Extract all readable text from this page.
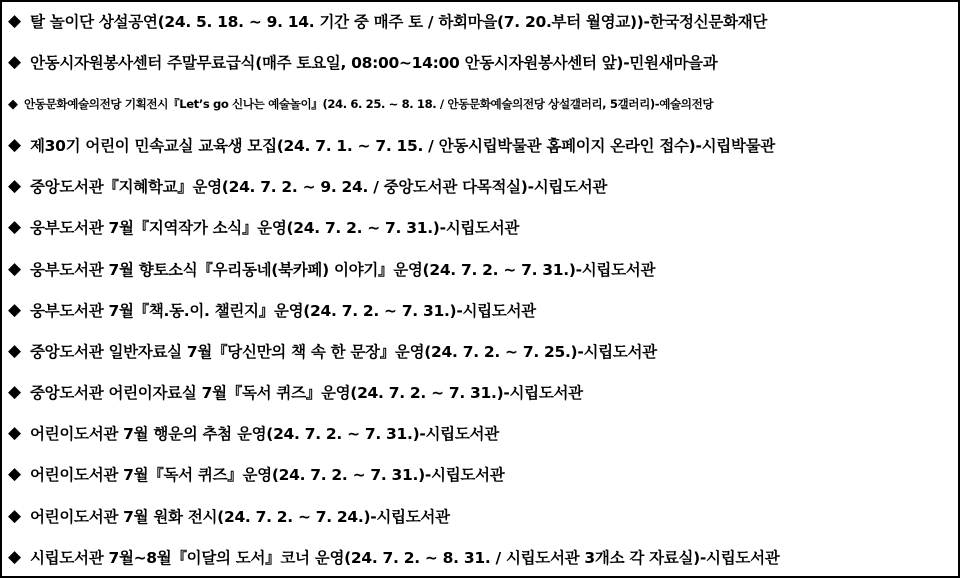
◆ 탈 놀이단 상설공연(24. 5. 18. ~ 9. 14. 기간 중 매주 토 / 하회마을(7. 20.부터 월영교))-한국정신문화재단
◆ 안동시자원봉사센터 주말무료급식(매주 토요일, 08:00~14:00 안동시자원봉사센터 앞)-민원새마을과
◆ 안동문화예술의전당 기획전시『Let’s go 신나는 예술놀이』(24. 6. 25. ~ 8. 18. / 안동문화예술의전당 상설갤러리, 5갤러리)-예술의전당
◆ 제30기 어린이 민속교실 교육생 모집(24. 7. 1. ~ 7. 15. / 안동시립박물관 홈페이지 온라인 접수)-시립박물관
◆ 중앙도서관『지혜학교』운영(24. 7. 2. ~ 9. 24. / 중앙도서관 다목적실)-시립도서관
◆ 웅부도서관 7월『지역작가 소식』운영(24. 7. 2. ~ 7. 31.)-시립도서관
◆ 웅부도서관 7월 향토소식『우리동네(북카페) 이야기』운영(24. 7. 2. ~ 7. 31.)-시립도서관
◆ 웅부도서관 7월『책.동.이. 챌린지』운영(24. 7. 2. ~ 7. 31.)-시립도서관
◆ 중앙도서관 일반자료실 7월『당신만의 책 속 한 문장』운영(24. 7. 2. ~ 7. 25.)-시립도서관
◆ 중앙도서관 어린이자료실 7월『독서 퀴즈』운영(24. 7. 2. ~ 7. 31.)-시립도서관
◆ 어린이도서관 7월 행운의 추첨 운영(24. 7. 2. ~ 7. 31.)-시립도서관
◆ 어린이도서관 7월『독서 퀴즈』운영(24. 7. 2. ~ 7. 31.)-시립도서관
◆ 어린이도서관 7월 원화 전시(24. 7. 2. ~ 7. 24.)-시립도서관
◆ 시립도서관 7월~8월『이달의 도서』코너 운영(24. 7. 2. ~ 8. 31. / 시립도서관 3개소 각 자료실)-시립도서관
